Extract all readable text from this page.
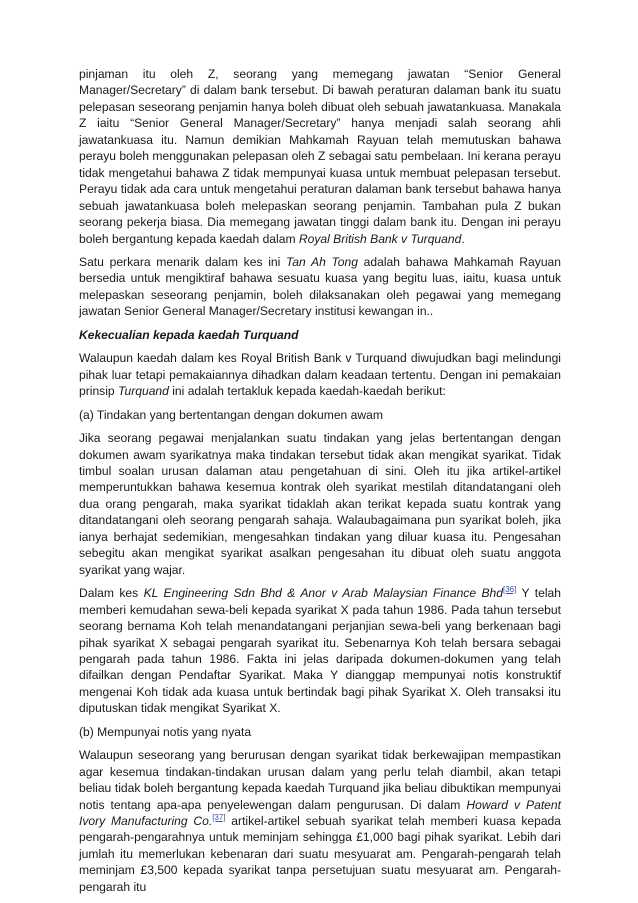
pinjaman itu oleh Z, seorang yang memegang jawatan “Senior General Manager/Secretary” di dalam bank tersebut. Di bawah peraturan dalaman bank itu suatu pelepasan seseorang penjamin hanya boleh dibuat oleh sebuah jawatankuasa. Manakala Z iaitu “Senior General Manager/Secretary” hanya menjadi salah seorang ahli jawatankuasa itu. Namun demikian Mahkamah Rayuan telah memutuskan bahawa perayu boleh menggunakan pelepasan oleh Z sebagai satu pembelaan. Ini kerana perayu tidak mengetahui bahawa Z tidak mempunyai kuasa untuk membuat pelepasan tersebut. Perayu tidak ada cara untuk mengetahui peraturan dalaman bank tersebut bahawa hanya sebuah jawatankuasa boleh melepaskan seorang penjamin. Tambahan pula Z bukan seorang pekerja biasa. Dia memegang jawatan tinggi dalam bank itu. Dengan ini perayu boleh bergantung kepada kaedah dalam Royal British Bank v Turquand.

Satu perkara menarik dalam kes ini Tan Ah Tong adalah bahawa Mahkamah Rayuan bersedia untuk mengiktiraf bahawa sesuatu kuasa yang begitu luas, iaitu, kuasa untuk melepaskan seseorang penjamin, boleh dilaksanakan oleh pegawai yang memegang jawatan Senior General Manager/Secretary institusi kewangan in..

Kekecualian kepada kaedah Turquand

Walaupun kaedah dalam kes Royal British Bank v Turquand diwujudkan bagi melindungi pihak luar tetapi pemakaiannya dihadkan dalam keadaan tertentu. Dengan ini pemakaian prinsip Turquand ini adalah tertakluk kepada kaedah-kaedah berikut:

(a) Tindakan yang bertentangan dengan dokumen awam

Jika seorang pegawai menjalankan suatu tindakan yang jelas bertentangan dengan dokumen awam syarikatnya maka tindakan tersebut tidak akan mengikat syarikat. Tidak timbul soalan urusan dalaman atau pengetahuan di sini. Oleh itu jika artikel-artikel memperuntukkan bahawa kesemua kontrak oleh syarikat mestilah ditandatangani oleh dua orang pengarah, maka syarikat tidaklah akan terikat kepada suatu kontrak yang ditandatangani oleh seorang pengarah sahaja. Walaubagaimana pun syarikat boleh, jika ianya berhajat sedemikian, mengesahkan tindakan yang diluar kuasa itu. Pengesahan sebegitu akan mengikat syarikat asalkan pengesahan itu dibuat oleh suatu anggota syarikat yang wajar.

Dalam kes KL Engineering Sdn Bhd & Anor v Arab Malaysian Finance Bhd[36] Y telah memberi kemudahan sewa-beli kepada syarikat X pada tahun 1986. Pada tahun tersebut seorang bernama Koh telah menandatangani perjanjian sewa-beli yang berkenaan bagi pihak syarikat X sebagai pengarah syarikat itu. Sebenarnya Koh telah bersara sebagai pengarah pada tahun 1986. Fakta ini jelas daripada dokumen-dokumen yang telah difailkan dengan Pendaftar Syarikat. Maka Y dianggap mempunyai notis konstruktif mengenai Koh tidak ada kuasa untuk bertindak bagi pihak Syarikat X. Oleh transaksi itu diputuskan tidak mengikat Syarikat X.

(b) Mempunyai notis yang nyata

Walaupun seseorang yang berurusan dengan syarikat tidak berkewajipan mempastikan agar kesemua tindakan-tindakan urusan dalam yang perlu telah diambil, akan tetapi beliau tidak boleh bergantung kepada kaedah Turquand jika beliau dibuktikan mempunyai notis tentang apa-apa penyelewengan dalam pengurusan. Di dalam Howard v Patent Ivory Manufacturing Co.[37] artikel-artikel sebuah syarikat telah memberi kuasa kepada pengarah-pengarahnya untuk meminjam sehingga £1,000 bagi pihak syarikat. Lebih dari jumlah itu memerlukan kebenaran dari suatu mesyuarat am. Pengarah-pengarah telah meminjam £3,500 kepada syarikat tanpa persetujuan suatu mesyuarat am. Pengarah-pengarah itu
